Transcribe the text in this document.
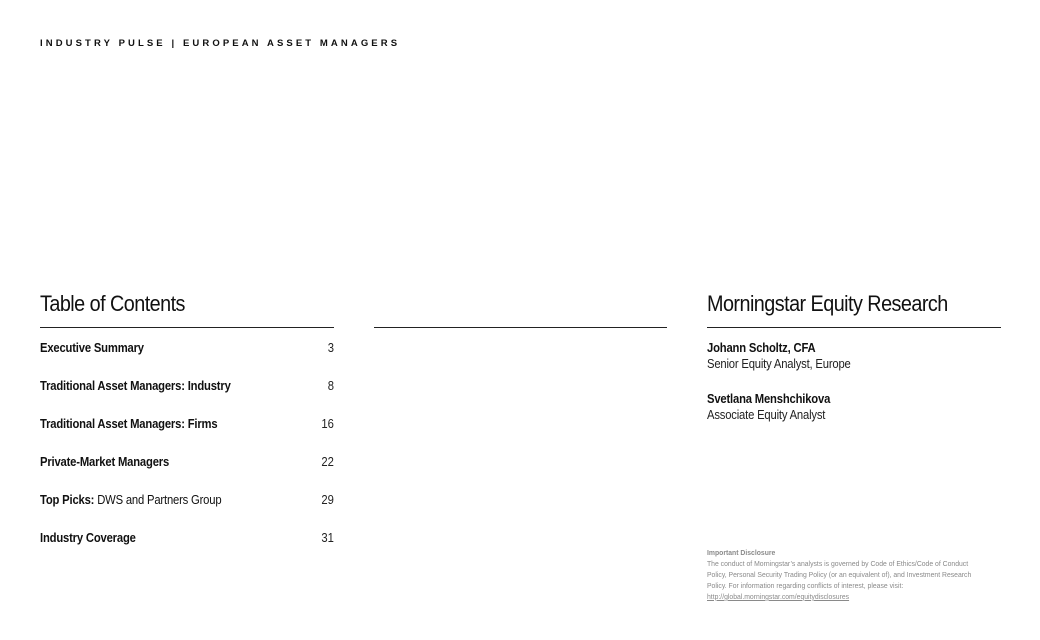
INDUSTRY PULSE | EUROPEAN ASSET MANAGERS
Table of Contents
Executive Summary	3
Traditional Asset Managers: Industry	8
Traditional Asset Managers: Firms	16
Private-Market Managers	22
Top Picks: DWS and Partners Group	29
Industry Coverage	31
Morningstar Equity Research
Johann Scholtz, CFA
Senior Equity Analyst, Europe
Svetlana Menshchikova
Associate Equity Analyst
Important Disclosure
The conduct of Morningstar’s analysts is governed by Code of Ethics/Code of Conduct Policy, Personal Security Trading Policy (or an equivalent of), and Investment Research Policy. For information regarding conflicts of interest, please visit: http://global.morningstar.com/equitydisclosures
